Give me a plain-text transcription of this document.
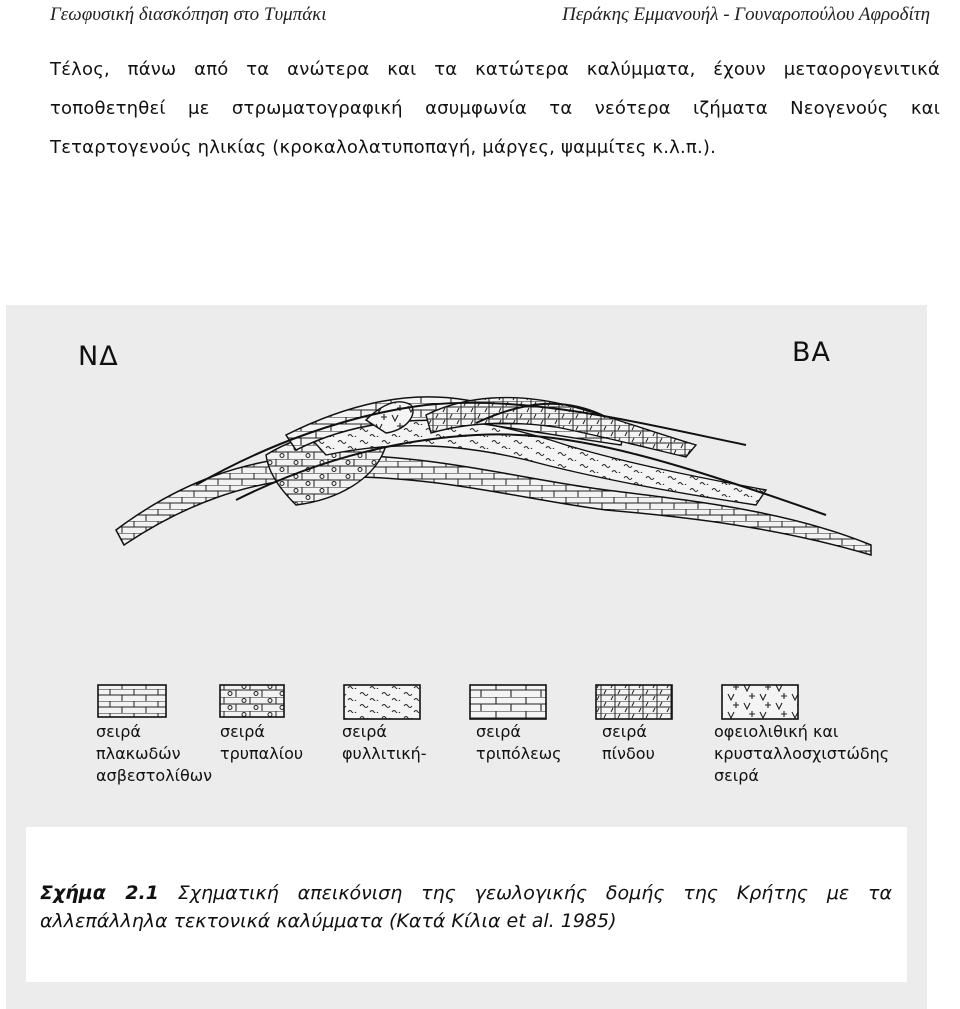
Γεωφυσική διασκόπηση στο Τυμπάκι	Περάκης Εμμανουήλ - Γουναροπούλου Αφροδίτη
Τέλος, πάνω από τα ανώτερα και τα κατώτερα καλύμματα, έχουν μεταορογενιτικά
τοποθετηθεί με στρωματογραφική ασυμφωνία τα νεότερα ιζήματα Νεογενούς και
Τεταρτογενούς ηλικίας (κροκαλολατυποπαγή, μάργες, ψαμμίτες κ.λ.π.).
ΝΔ	ΒΑ
σειρά
πλακωδών
ασβεστολίθων
σειρά
τρυπαλίου
σειρά
φυλλιτική-
σειρά
τριπόλεως
σειρά
πίνδου
οφειολιθική και
κρυσταλλοσχιστώδης
σειρά
Σχήμα 2.1 Σχηματική απεικόνιση της γεωλογικής δομής της Κρήτης με τα
αλλεπάλληλα τεκτονικά καλύμματα (Κατά Κίλια et al. 1985)
